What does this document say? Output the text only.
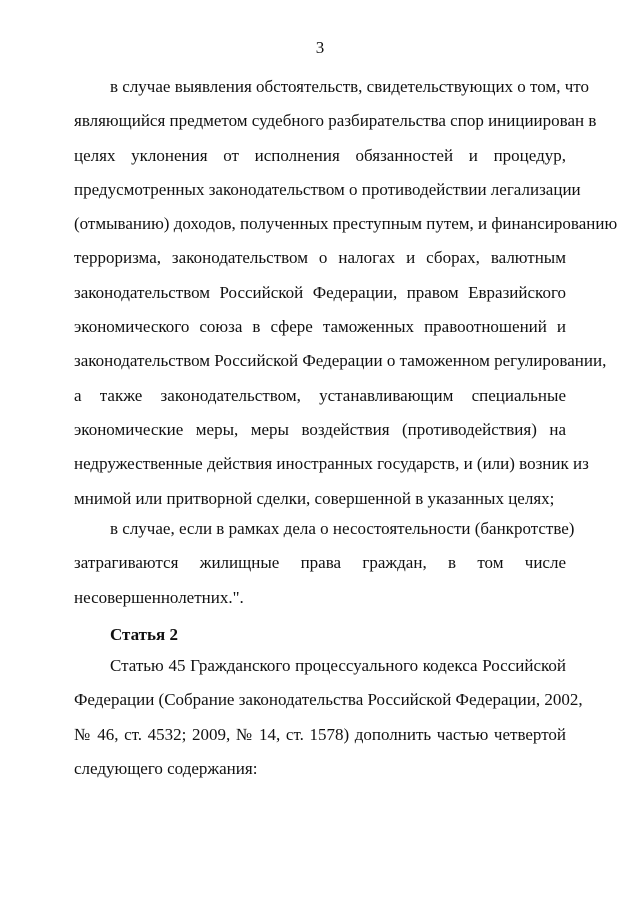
3
в случае выявления обстоятельств, свидетельствующих о том, что
являющийся предметом судебного разбирательства спор инициирован в
целях уклонения от исполнения обязанностей и процедур,
предусмотренных законодательством о противодействии легализации
(отмыванию) доходов, полученных преступным путем, и финансированию
терроризма, законодательством о налогах и сборах, валютным
законодательством Российской Федерации, правом Евразийского
экономического союза в сфере таможенных правоотношений и
законодательством Российской Федерации о таможенном регулировании,
а также законодательством, устанавливающим специальные
экономические меры, меры воздействия (противодействия) на
недружественные действия иностранных государств, и (или) возник из
мнимой или притворной сделки, совершенной в указанных целях;
в случае, если в рамках дела о несостоятельности (банкротстве)
затрагиваются жилищные права граждан, в том числе
несовершеннолетних.".
Статья 2
Статью 45 Гражданского процессуального кодекса Российской
Федерации (Собрание законодательства Российской Федерации, 2002,
№ 46, ст. 4532; 2009, № 14, ст. 1578) дополнить частью четвертой
следующего содержания:
